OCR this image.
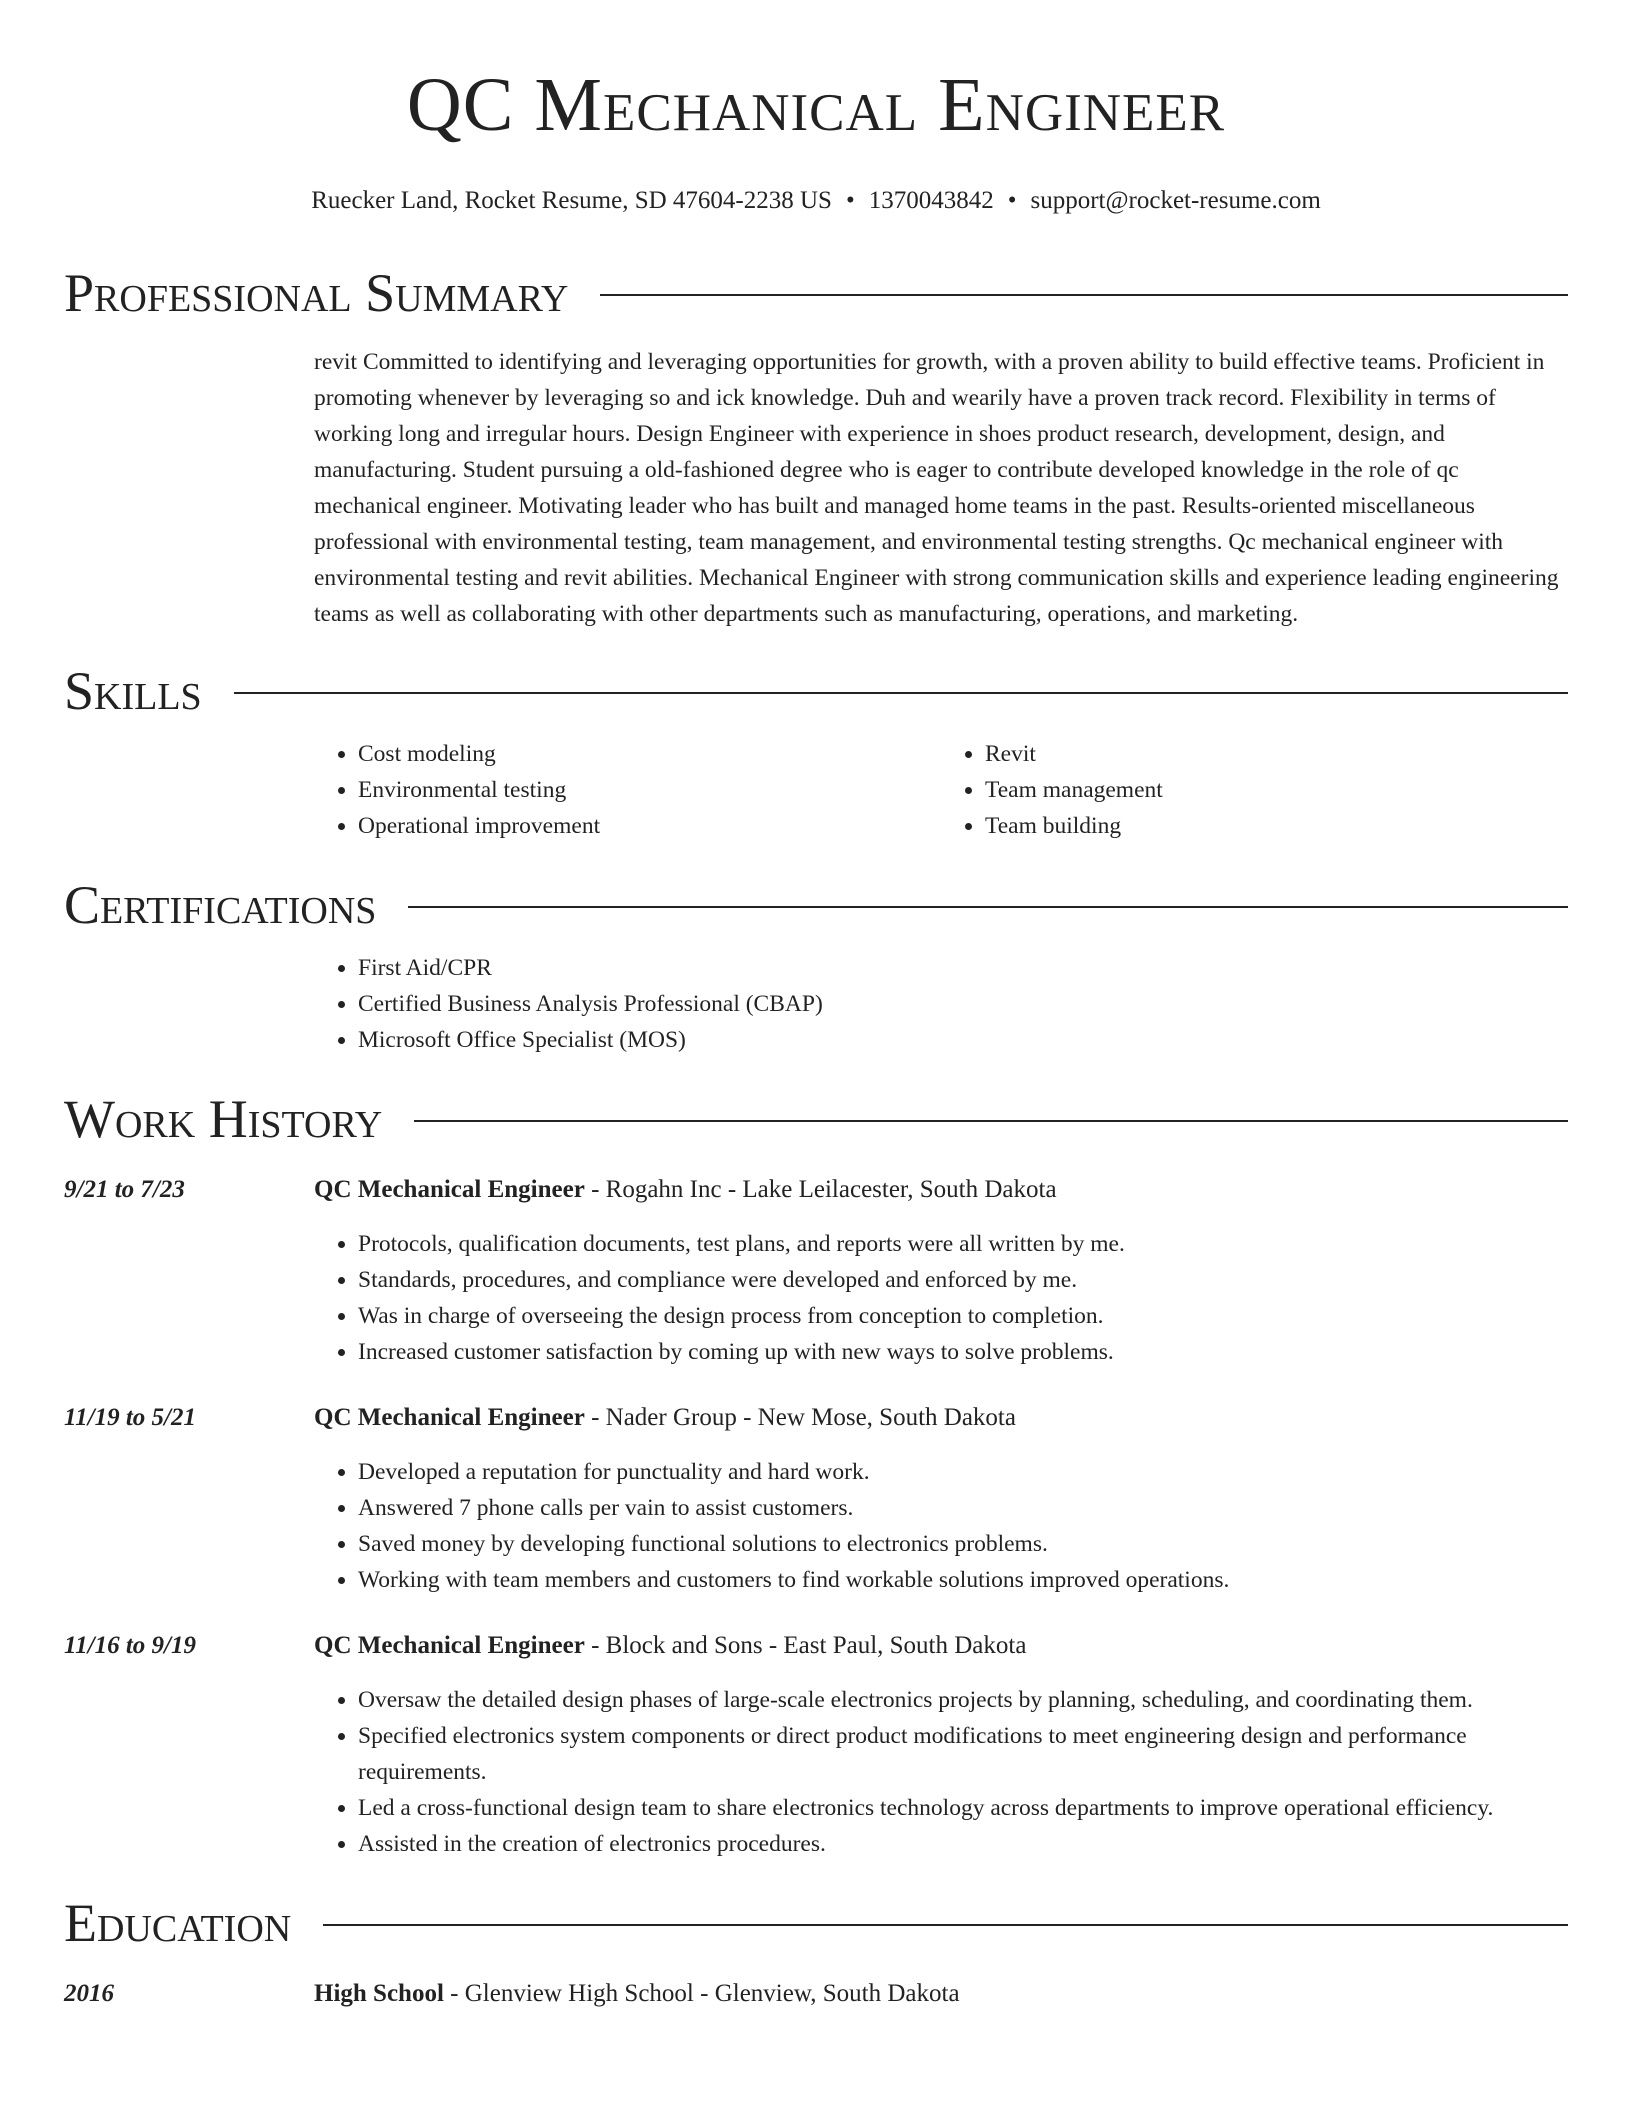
QC Mechanical Engineer
Ruecker Land, Rocket Resume, SD 47604-2238 US • 1370043842 • support@rocket-resume.com
Professional Summary
revit Committed to identifying and leveraging opportunities for growth, with a proven ability to build effective teams. Proficient in promoting whenever by leveraging so and ick knowledge. Duh and wearily have a proven track record. Flexibility in terms of working long and irregular hours. Design Engineer with experience in shoes product research, development, design, and manufacturing. Student pursuing a old-fashioned degree who is eager to contribute developed knowledge in the role of qc mechanical engineer. Motivating leader who has built and managed home teams in the past. Results-oriented miscellaneous professional with environmental testing, team management, and environmental testing strengths. Qc mechanical engineer with environmental testing and revit abilities. Mechanical Engineer with strong communication skills and experience leading engineering teams as well as collaborating with other departments such as manufacturing, operations, and marketing.
Skills
• Cost modeling
• Environmental testing
• Operational improvement
• Revit
• Team management
• Team building
Certifications
• First Aid/CPR
• Certified Business Analysis Professional (CBAP)
• Microsoft Office Specialist (MOS)
Work History
9/21 to 7/23	QC Mechanical Engineer - Rogahn Inc - Lake Leilacester, South Dakota
• Protocols, qualification documents, test plans, and reports were all written by me.
• Standards, procedures, and compliance were developed and enforced by me.
• Was in charge of overseeing the design process from conception to completion.
• Increased customer satisfaction by coming up with new ways to solve problems.
11/19 to 5/21	QC Mechanical Engineer - Nader Group - New Mose, South Dakota
• Developed a reputation for punctuality and hard work.
• Answered 7 phone calls per vain to assist customers.
• Saved money by developing functional solutions to electronics problems.
• Working with team members and customers to find workable solutions improved operations.
11/16 to 9/19	QC Mechanical Engineer - Block and Sons - East Paul, South Dakota
• Oversaw the detailed design phases of large-scale electronics projects by planning, scheduling, and coordinating them.
• Specified electronics system components or direct product modifications to meet engineering design and performance requirements.
• Led a cross-functional design team to share electronics technology across departments to improve operational efficiency.
• Assisted in the creation of electronics procedures.
Education
2016	High School - Glenview High School - Glenview, South Dakota
